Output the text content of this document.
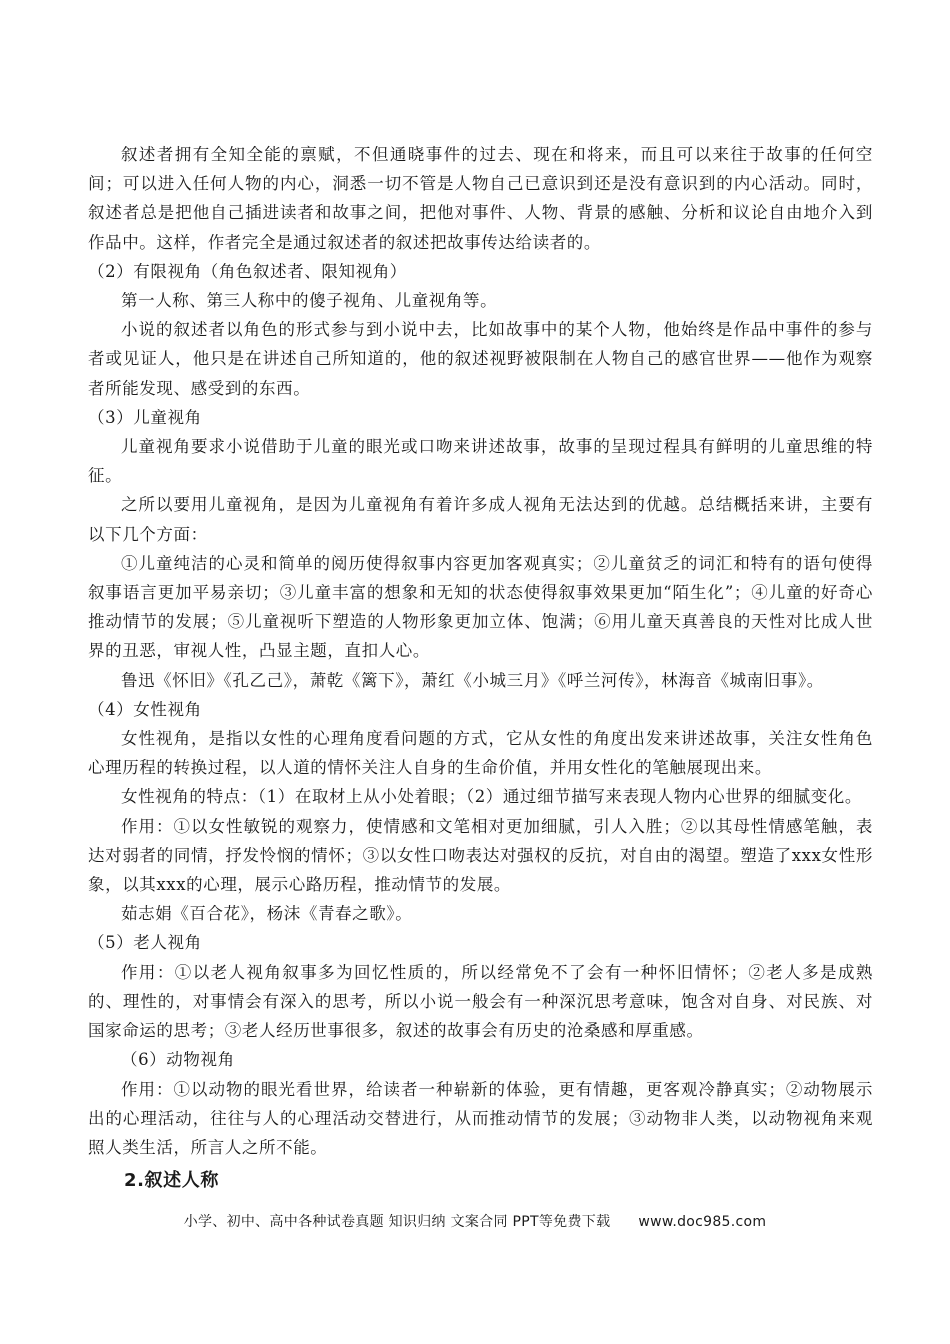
叙述者拥有全知全能的禀赋，不但通晓事件的过去、现在和将来，而且可以来往于故事的任何空间；可以进入任何人物的内心，洞悉一切不管是人物自己已意识到还是没有意识到的内心活动。同时，叙述者总是把他自己插进读者和故事之间，把他对事件、人物、背景的感触、分析和议论自由地介入到作品中。这样，作者完全是通过叙述者的叙述把故事传达给读者的。

（2）有限视角（角色叙述者、限知视角）

第一人称、第三人称中的傻子视角、儿童视角等。

小说的叙述者以角色的形式参与到小说中去，比如故事中的某个人物，他始终是作品中事件的参与者或见证人，他只是在讲述自己所知道的，他的叙述视野被限制在人物自己的感官世界——他作为观察者所能发现、感受到的东西。

（3）儿童视角

儿童视角要求小说借助于儿童的眼光或口吻来讲述故事，故事的呈现过程具有鲜明的儿童思维的特征。

之所以要用儿童视角，是因为儿童视角有着许多成人视角无法达到的优越。总结概括来讲，主要有以下几个方面：

①儿童纯洁的心灵和简单的阅历使得叙事内容更加客观真实；②儿童贫乏的词汇和特有的语句使得叙事语言更加平易亲切；③儿童丰富的想象和无知的状态使得叙事效果更加“陌生化”；④儿童的好奇心推动情节的发展；⑤儿童视听下塑造的人物形象更加立体、饱满；⑥用儿童天真善良的天性对比成人世界的丑恶，审视人性，凸显主题，直扣人心。

鲁迅《怀旧》《孔乙己》，萧乾《篱下》，萧红《小城三月》《呼兰河传》，林海音《城南旧事》。

（4）女性视角

女性视角，是指以女性的心理角度看问题的方式，它从女性的角度出发来讲述故事，关注女性角色心理历程的转换过程，以人道的情怀关注人自身的生命价值，并用女性化的笔触展现出来。

女性视角的特点：（1）在取材上从小处着眼；（2）通过细节描写来表现人物内心世界的细腻变化。

作用：①以女性敏锐的观察力，使情感和文笔相对更加细腻，引人入胜；②以其母性情感笔触，表达对弱者的同情，抒发怜悯的情怀；③以女性口吻表达对强权的反抗，对自由的渴望。塑造了xxx女性形象，以其xxx的心理，展示心路历程，推动情节的发展。

茹志娟《百合花》，杨沫《青春之歌》。

（5）老人视角

作用：①以老人视角叙事多为回忆性质的，所以经常免不了会有一种怀旧情怀；②老人多是成熟的、理性的，对事情会有深入的思考，所以小说一般会有一种深沉思考意味，饱含对自身、对民族、对国家命运的思考；③老人经历世事很多，叙述的故事会有历史的沧桑感和厚重感。

（6）动物视角

作用：①以动物的眼光看世界，给读者一种崭新的体验，更有情趣，更客观冷静真实；②动物展示出的心理活动，往往与人的心理活动交替进行，从而推动情节的发展；③动物非人类，以动物视角来观照人类生活，所言人之所不能。

2.叙述人称

小学、初中、高中各种试卷真题 知识归纳 文案合同 PPT等免费下载 www.doc985.com
